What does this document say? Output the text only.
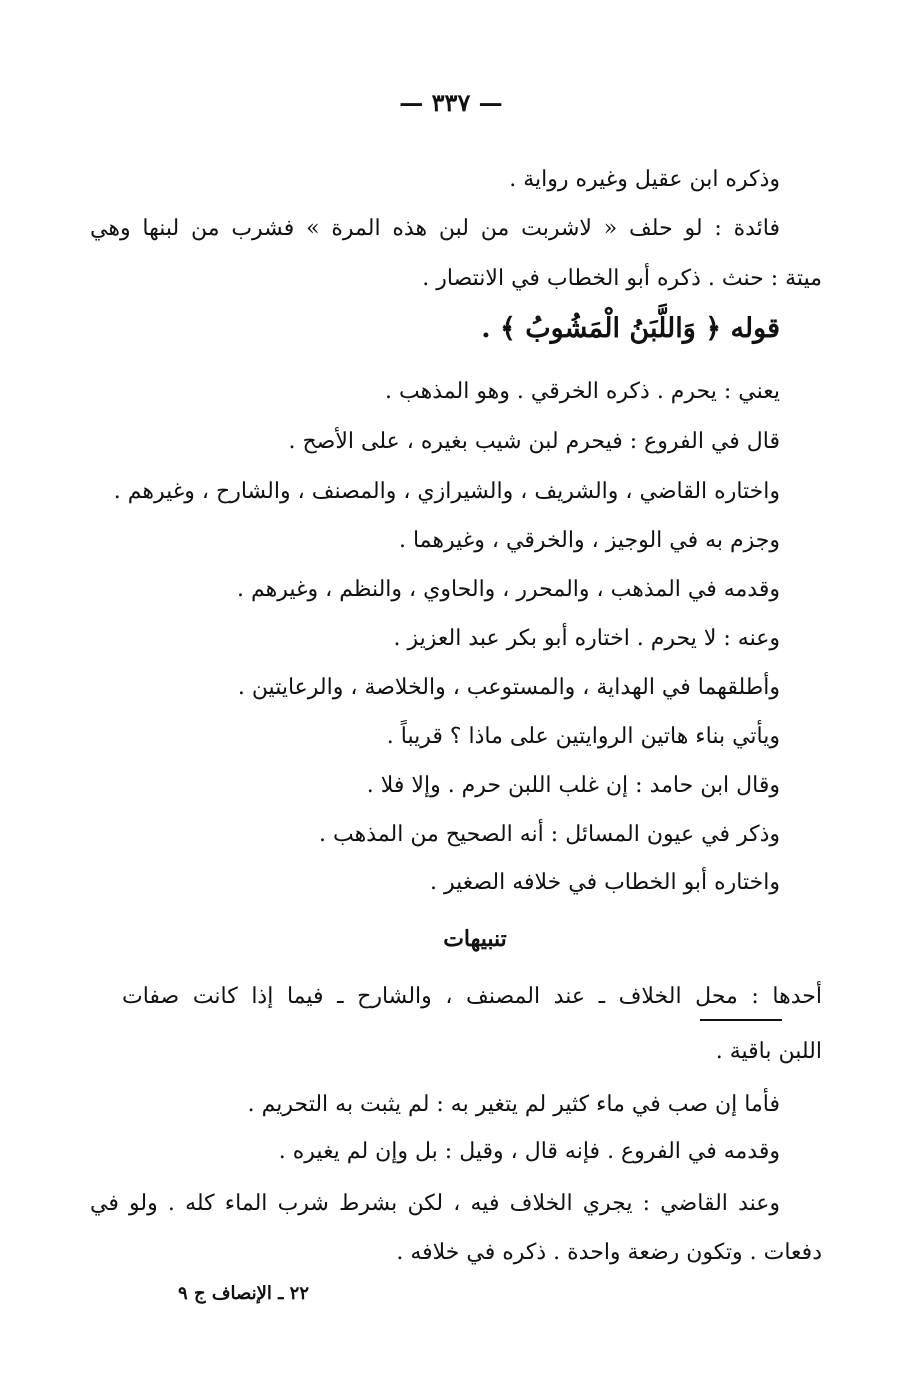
— ٣٣٧ —

وذكره ابن عقيل وغيره رواية .

فائدة : لو حلف « لاشربت من لبن هذه المرة » فشرب من لبنها وهي

ميتة : حنث . ذكره أبو الخطاب في الانتصار .

قوله ﴿ وَاللَّبَنُ الْمَشُوبُ ﴾ .

يعني : يحرم . ذكره الخرقي . وهو المذهب .

قال في الفروع : فيحرم لبن شيب بغيره ، على الأصح .

واختاره القاضي ، والشريف ، والشيرازي ، والمصنف ، والشارح ، وغيرهم .

وجزم به في الوجيز ، والخرقي ، وغيرهما .

وقدمه في المذهب ، والمحرر ، والحاوي ، والنظم ، وغيرهم .

وعنه : لا يحرم . اختاره أبو بكر عبد العزيز .

وأطلقهما في الهداية ، والمستوعب ، والخلاصة ، والرعايتين .

ويأتي بناء هاتين الروايتين على ماذا ؟ قريباً .

وقال ابن حامد : إن غلب اللبن حرم . وإلا فلا .

وذكر في عيون المسائل : أنه الصحيح من المذهب .

واختاره أبو الخطاب في خلافه الصغير .

تنبيهات

أحدها : محل الخلاف ـ عند المصنف ، والشارح ـ فيما إذا كانت صفات

اللبن باقية .

فأما إن صب في ماء كثير لم يتغير به : لم يثبت به التحريم .

وقدمه في الفروع . فإنه قال ، وقيل : بل وإن لم يغيره .

وعند القاضي : يجري الخلاف فيه ، لكن بشرط شرب الماء كله . ولو في

دفعات . وتكون رضعة واحدة . ذكره في خلافه .

٢٢ ـ الإنصاف ج ٩
